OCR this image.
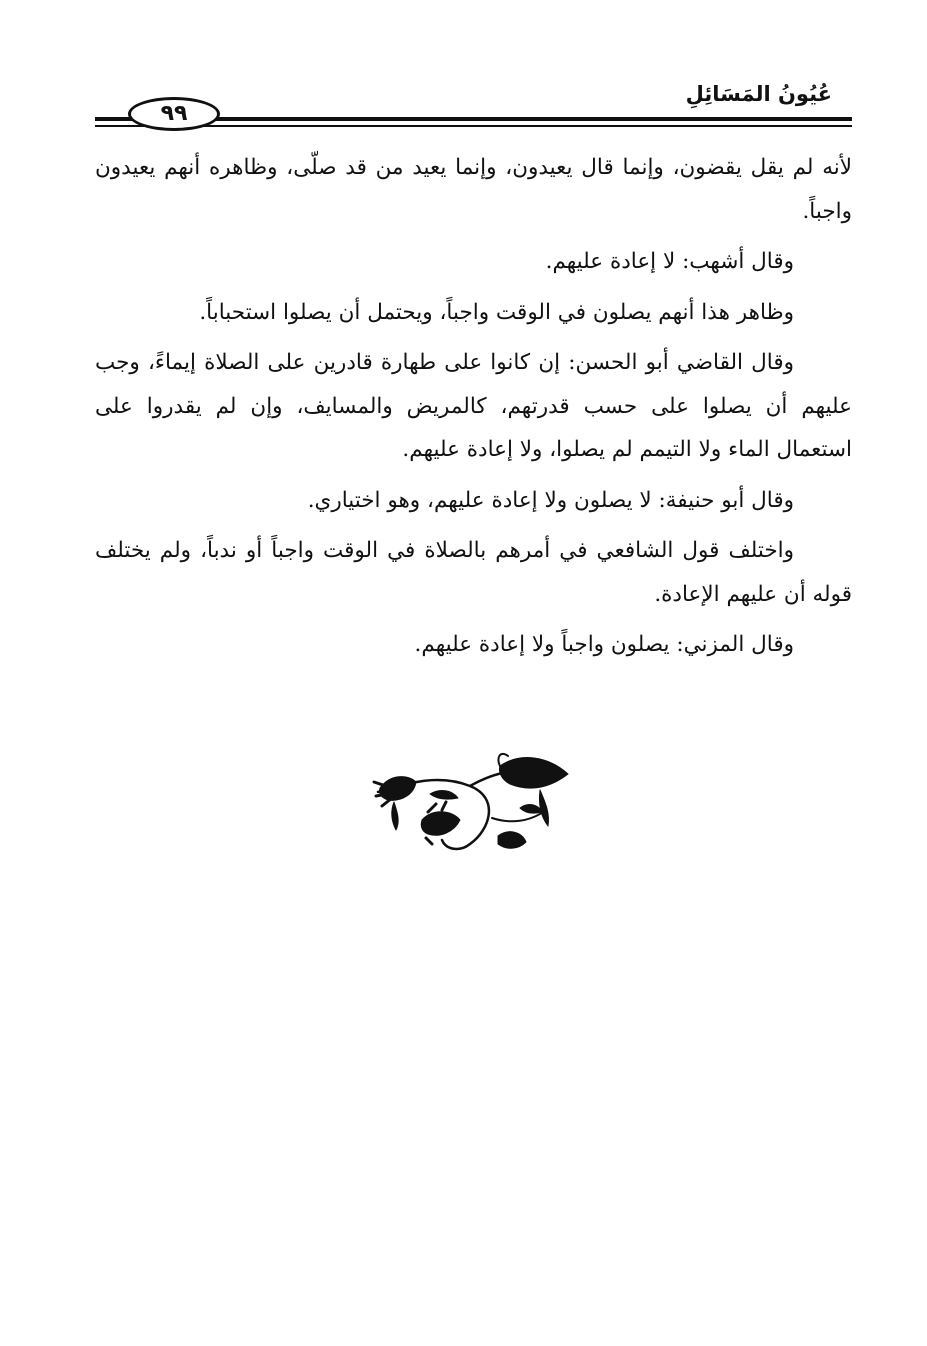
عُيُونُ المَسَائِلِ
٩٩

لأنه لم يقل يقضون، وإنما قال يعيدون، وإنما يعيد من قد صلّى، وظاهره أنهم يعيدون واجباً.

وقال أشهب: لا إعادة عليهم.

وظاهر هذا أنهم يصلون في الوقت واجباً، ويحتمل أن يصلوا استحباباً.

وقال القاضي أبو الحسن: إن كانوا على طهارة قادرين على الصلاة إيماءً، وجب عليهم أن يصلوا على حسب قدرتهم، كالمريض والمسايف، وإن لم يقدروا على استعمال الماء ولا التيمم لم يصلوا، ولا إعادة عليهم.

وقال أبو حنيفة: لا يصلون ولا إعادة عليهم، وهو اختياري.

واختلف قول الشافعي في أمرهم بالصلاة في الوقت واجباً أو ندباً، ولم يختلف قوله أن عليهم الإعادة.

وقال المزني: يصلون واجباً ولا إعادة عليهم.
